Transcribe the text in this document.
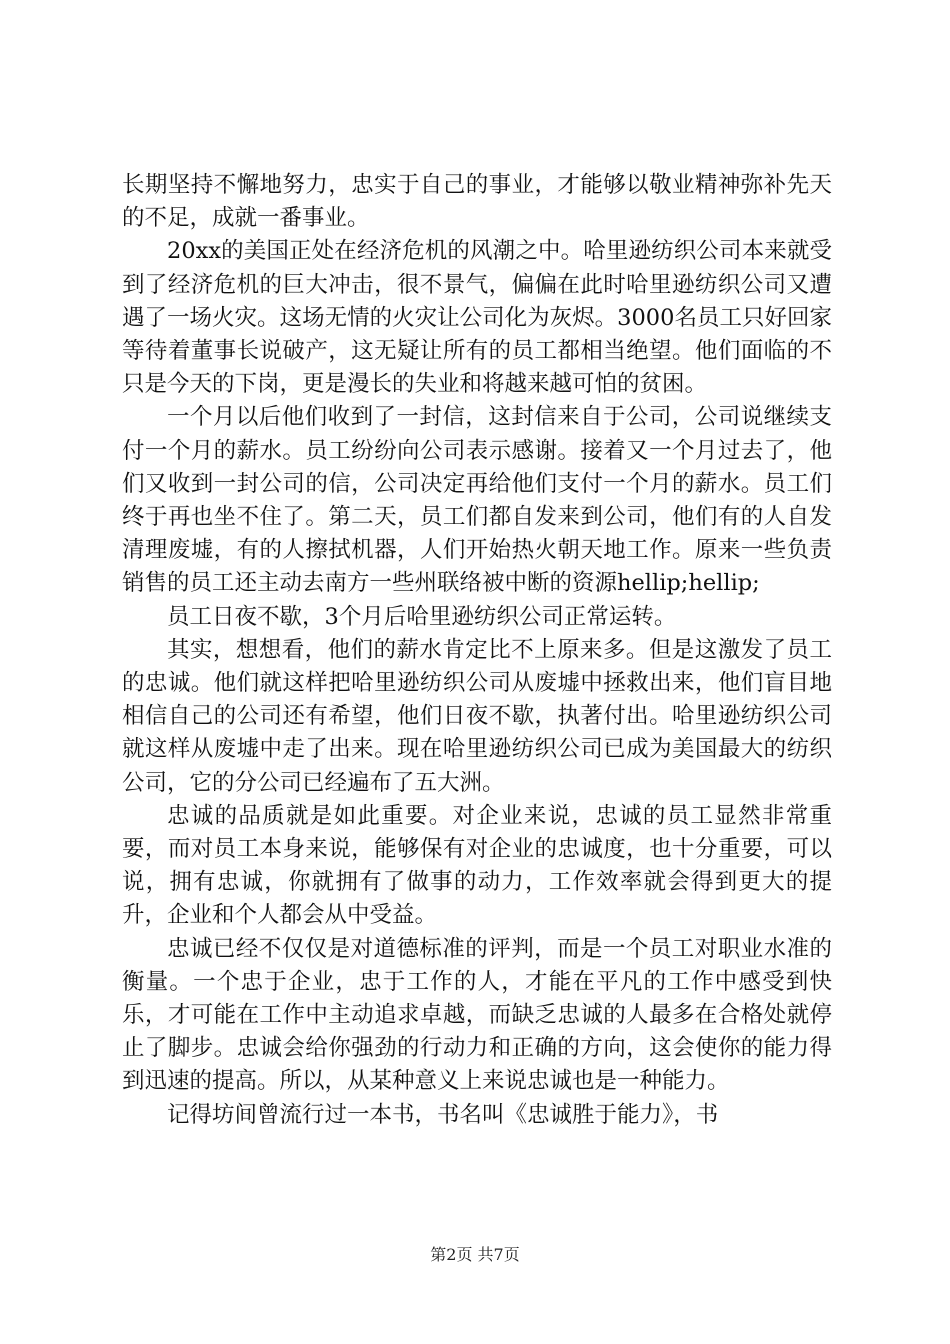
长期坚持不懈地努力，忠实于自己的事业，才能够以敬业精神弥补先天的不足，成就一番事业。

20xx的美国正处在经济危机的风潮之中。哈里逊纺织公司本来就受到了经济危机的巨大冲击，很不景气，偏偏在此时哈里逊纺织公司又遭遇了一场火灾。这场无情的火灾让公司化为灰烬。3000名员工只好回家等待着董事长说破产，这无疑让所有的员工都相当绝望。他们面临的不只是今天的下岗，更是漫长的失业和将越来越可怕的贫困。

一个月以后他们收到了一封信，这封信来自于公司，公司说继续支付一个月的薪水。员工纷纷向公司表示感谢。接着又一个月过去了，他们又收到一封公司的信，公司决定再给他们支付一个月的薪水。员工们终于再也坐不住了。第二天，员工们都自发来到公司，他们有的人自发清理废墟，有的人擦拭机器，人们开始热火朝天地工作。原来一些负责销售的员工还主动去南方一些州联络被中断的资源hellip;hellip;

员工日夜不歇，3个月后哈里逊纺织公司正常运转。

其实，想想看，他们的薪水肯定比不上原来多。但是这激发了员工的忠诚。他们就这样把哈里逊纺织公司从废墟中拯救出来，他们盲目地相信自己的公司还有希望，他们日夜不歇，执著付出。哈里逊纺织公司就这样从废墟中走了出来。现在哈里逊纺织公司已成为美国最大的纺织公司，它的分公司已经遍布了五大洲。

忠诚的品质就是如此重要。对企业来说，忠诚的员工显然非常重要，而对员工本身来说，能够保有对企业的忠诚度，也十分重要，可以说，拥有忠诚，你就拥有了做事的动力，工作效率就会得到更大的提升，企业和个人都会从中受益。

忠诚已经不仅仅是对道德标准的评判，而是一个员工对职业水准的衡量。一个忠于企业，忠于工作的人，才能在平凡的工作中感受到快乐，才可能在工作中主动追求卓越，而缺乏忠诚的人最多在合格处就停止了脚步。忠诚会给你强劲的行动力和正确的方向，这会使你的能力得到迅速的提高。所以，从某种意义上来说忠诚也是一种能力。

记得坊间曾流行过一本书，书名叫《忠诚胜于能力》，书

第2页 共7页
